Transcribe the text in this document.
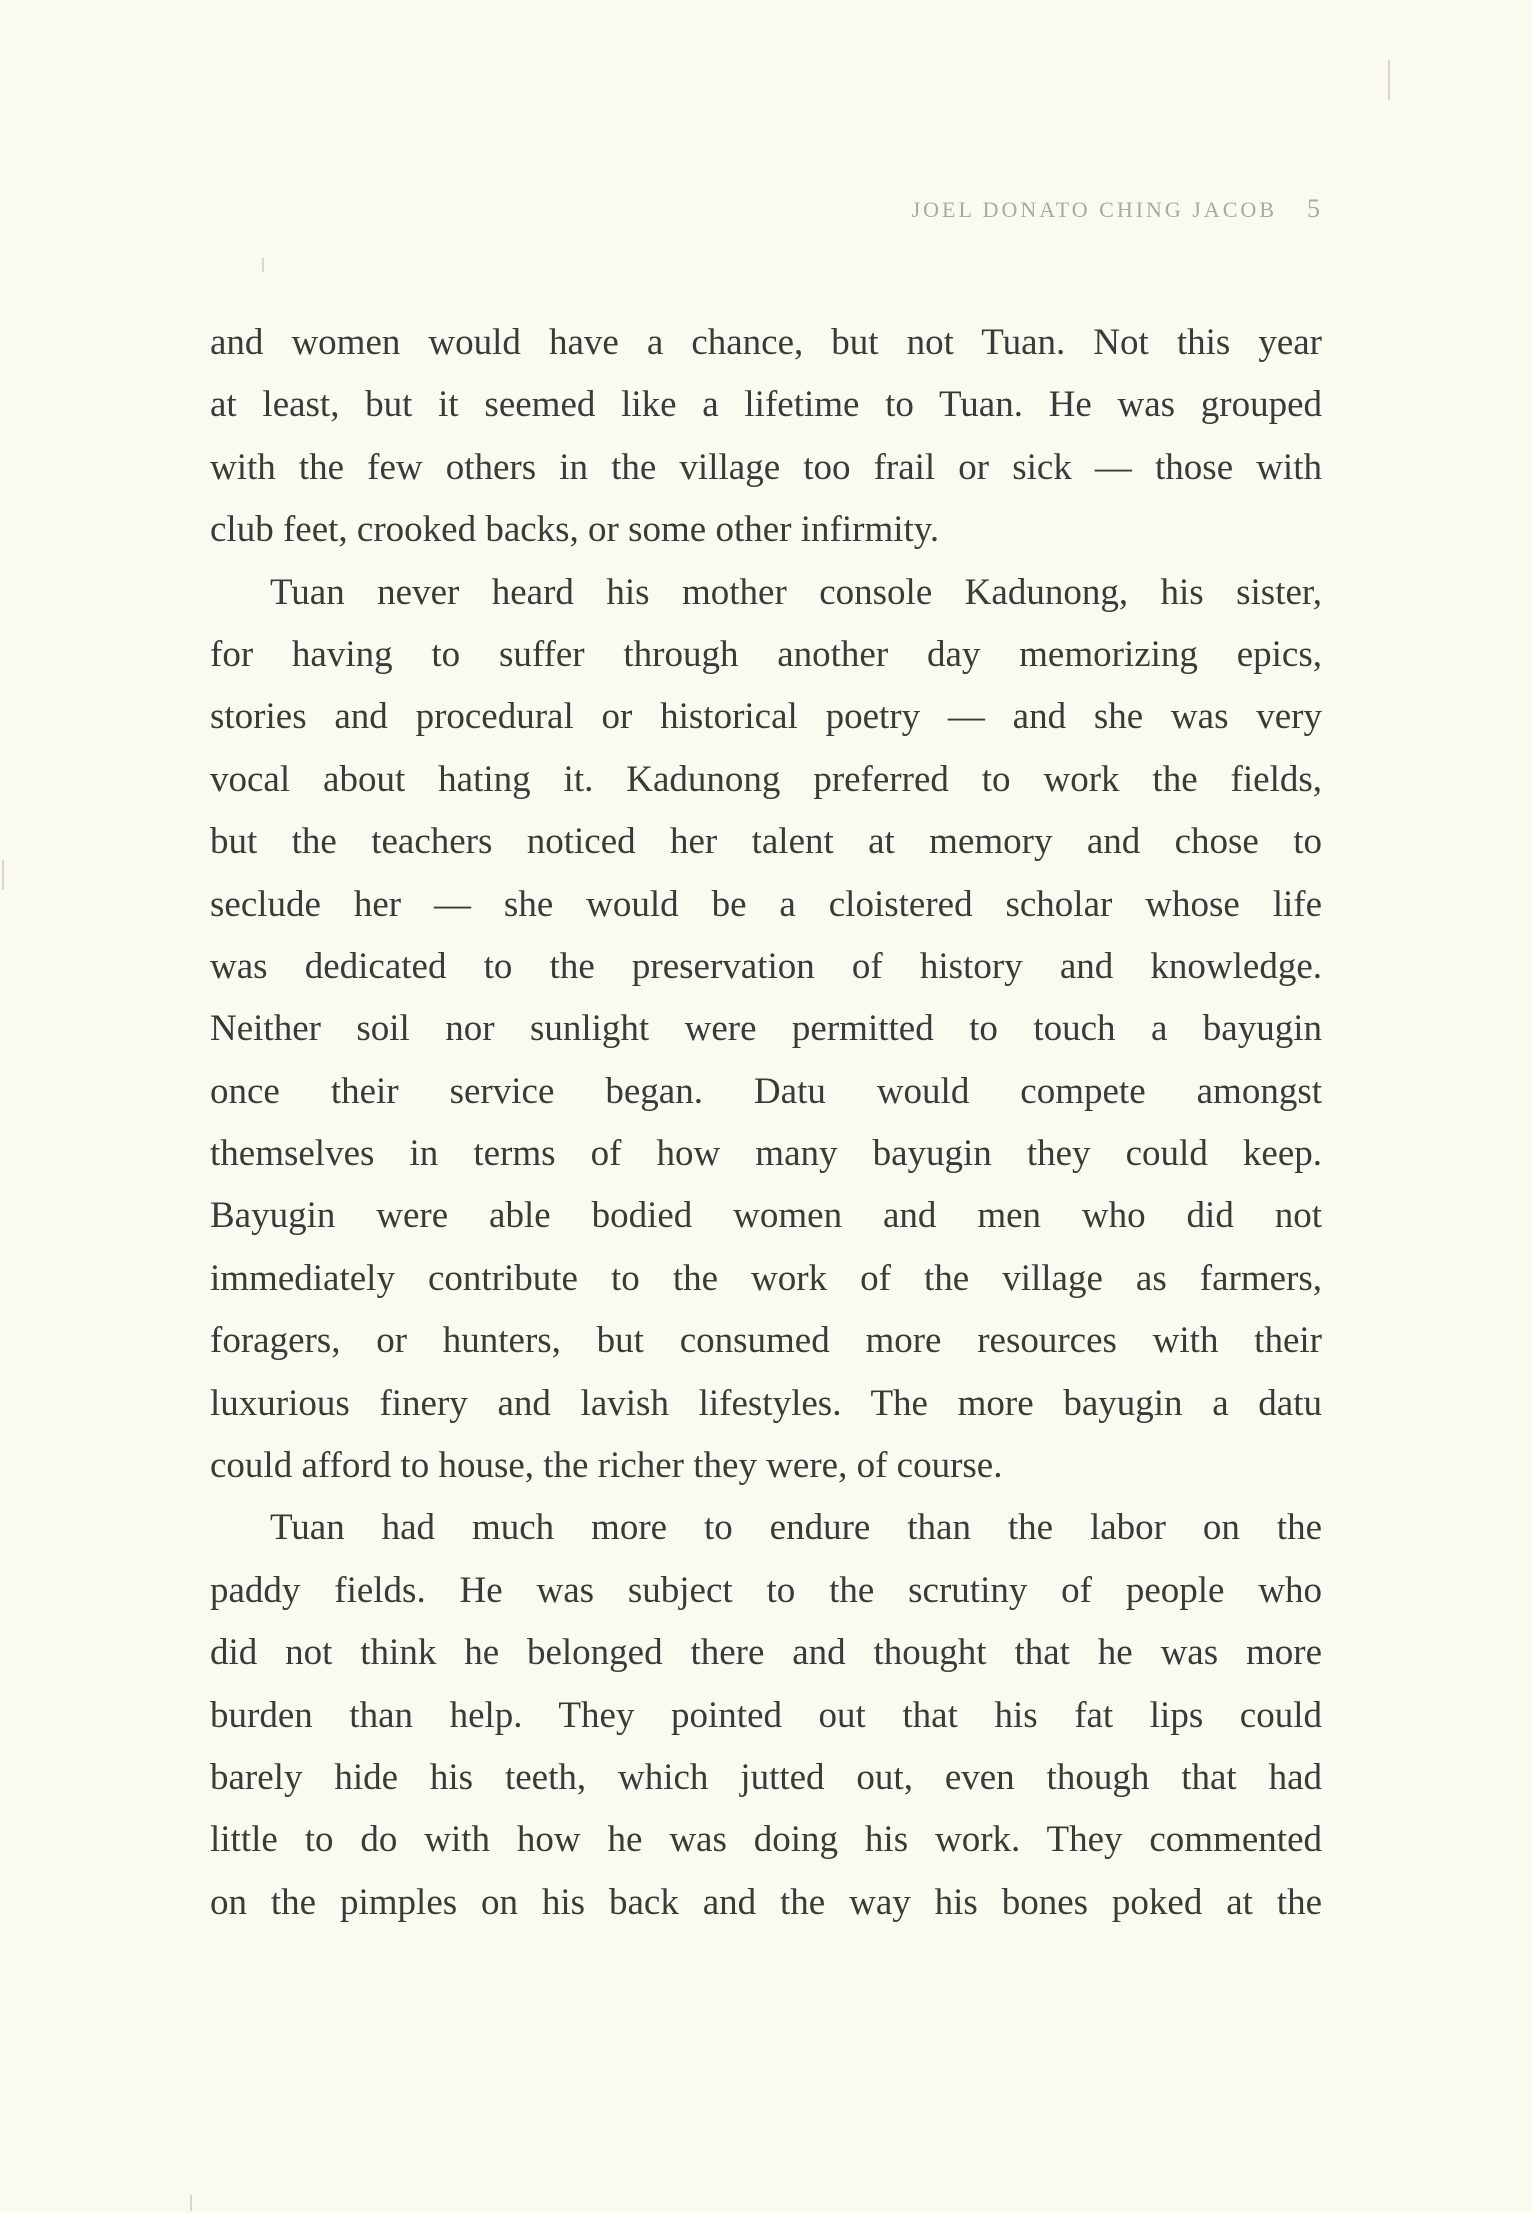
JOEL DONATO CHING JACOB 5
and women would have a chance, but not Tuan. Not this year
at least, but it seemed like a lifetime to Tuan. He was grouped
with the few others in the village too frail or sick — those with
club feet, crooked backs, or some other infirmity.
Tuan never heard his mother console Kadunong, his sister,
for having to suffer through another day memorizing epics,
stories and procedural or historical poetry — and she was very
vocal about hating it. Kadunong preferred to work the fields,
but the teachers noticed her talent at memory and chose to
seclude her — she would be a cloistered scholar whose life
was dedicated to the preservation of history and knowledge.
Neither soil nor sunlight were permitted to touch a bayugin
once their service began. Datu would compete amongst
themselves in terms of how many bayugin they could keep.
Bayugin were able bodied women and men who did not
immediately contribute to the work of the village as farmers,
foragers, or hunters, but consumed more resources with their
luxurious finery and lavish lifestyles. The more bayugin a datu
could afford to house, the richer they were, of course.
Tuan had much more to endure than the labor on the
paddy fields. He was subject to the scrutiny of people who
did not think he belonged there and thought that he was more
burden than help. They pointed out that his fat lips could
barely hide his teeth, which jutted out, even though that had
little to do with how he was doing his work. They commented
on the pimples on his back and the way his bones poked at the
